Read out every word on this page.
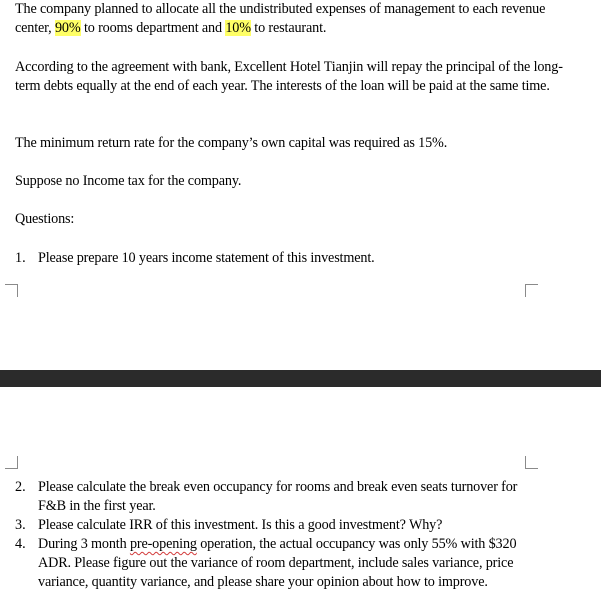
The company planned to allocate all the undistributed expenses of management to each revenue center, 90% to rooms department and 10% to restaurant.

According to the agreement with bank, Excellent Hotel Tianjin will repay the principal of the long-term debts equally at the end of each year. The interests of the loan will be paid at the same time.

The minimum return rate for the company’s own capital was required as 15%.

Suppose no Income tax for the company.

Questions:

1. Please prepare 10 years income statement of this investment.
2. Please calculate the break even occupancy for rooms and break even seats turnover for F&B in the first year.
3. Please calculate IRR of this investment. Is this a good investment? Why?
4. During 3 month pre-opening operation, the actual occupancy was only 55% with $320 ADR. Please figure out the variance of room department, include sales variance, price variance, quantity variance, and please share your opinion about how to improve.
